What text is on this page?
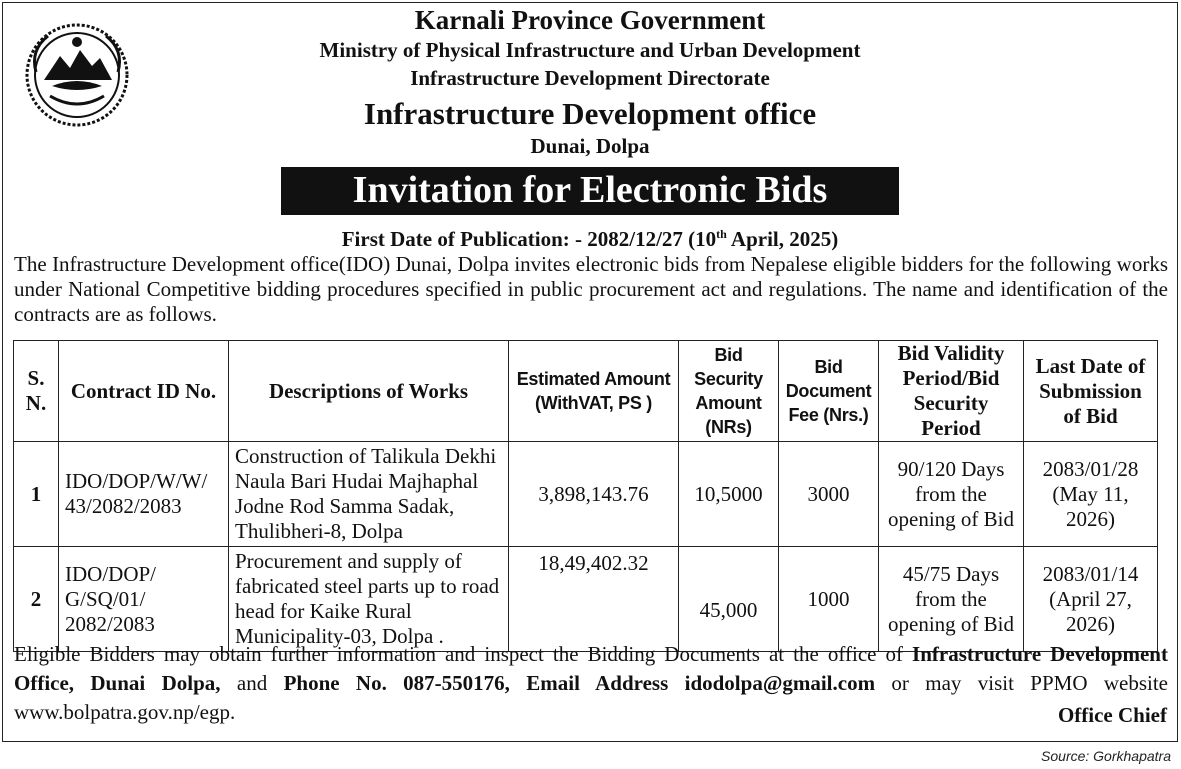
Karnali Province Government
Ministry of Physical Infrastructure and Urban Development
Infrastructure Development Directorate
Infrastructure Development office
Dunai, Dolpa
Invitation for Electronic Bids
First Date of Publication: - 2082/12/27 (10th April, 2025)
The Infrastructure Development office(IDO) Dunai, Dolpa invites electronic bids from Nepalese eligible bidders for the following works under National Competitive bidding procedures specified in public procurement act and regulations. The name and identification of the contracts are as follows.
S. N.	Contract ID No.	Descriptions of Works	Estimated Amount (WithVAT, PS )	Bid Security Amount (NRs)	Bid Document Fee (Nrs.)	Bid Validity Period/Bid Security Period	Last Date of Submission of Bid
1	IDO/DOP/W/W/ 43/2082/2083	Construction of Talikula Dekhi Naula Bari Hudai Majhaphal Jodne Rod Samma Sadak, Thulibheri-8, Dolpa	3,898,143.76	10,5000	3000	90/120 Days from the opening of Bid	2083/01/28 (May 11, 2026)
2	IDO/DOP/ G/SQ/01/ 2082/2083	Procurement and supply of fabricated steel parts up to road head for Kaike Rural Municipality-03, Dolpa .	18,49,402.32	45,000	1000	45/75 Days from the opening of Bid	2083/01/14 (April 27, 2026)
Eligible Bidders may obtain further information and inspect the Bidding Documents at the office of Infrastructure Development Office, Dunai Dolpa, and Phone No. 087-550176, Email Address idodolpa@gmail.com or may visit PPMO website www.bolpatra.gov.np/egp.	Office Chief
Source: Gorkhapatra
